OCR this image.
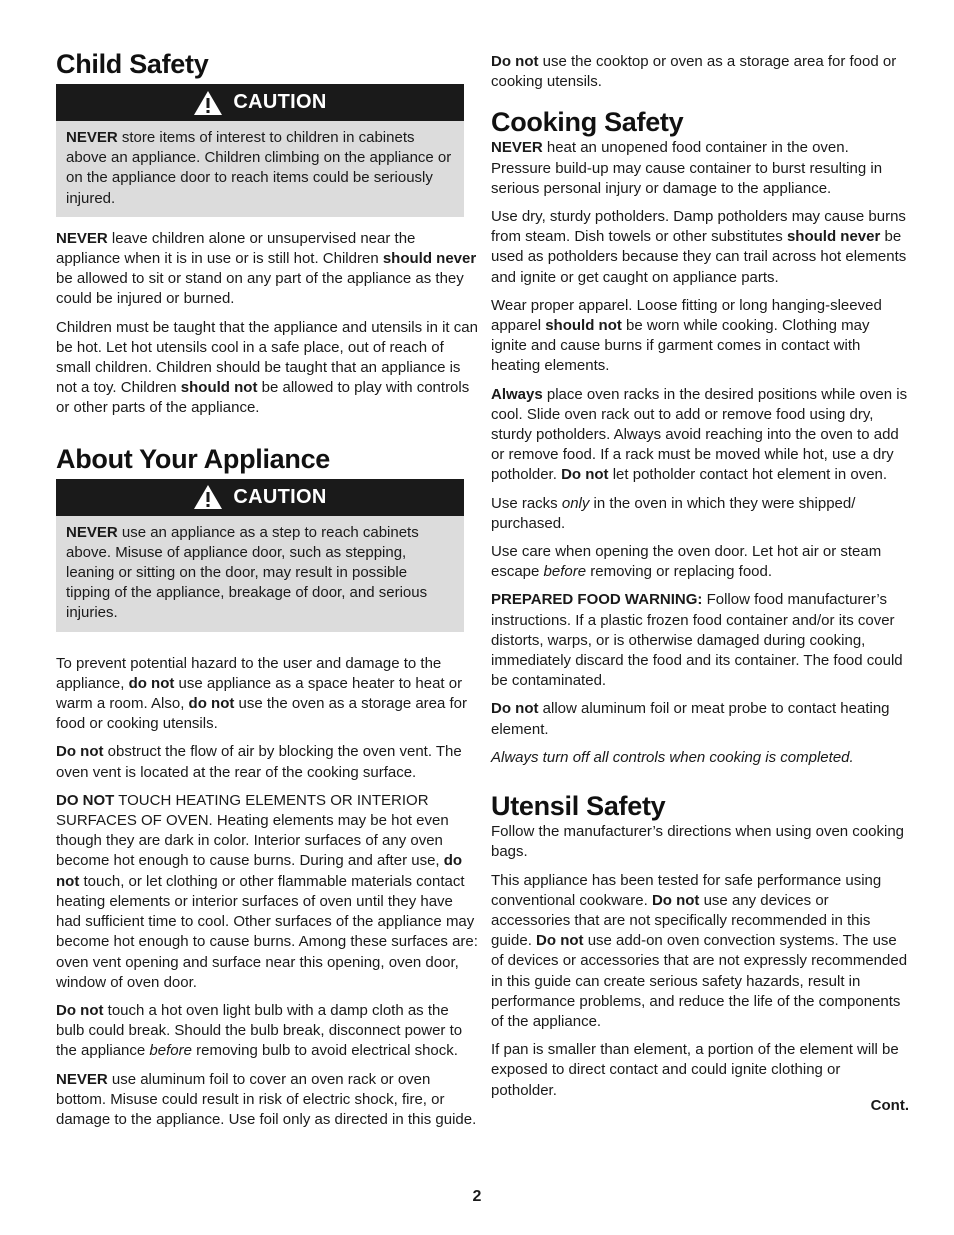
Child Safety
CAUTION

NEVER store items of interest to children in cabinets above an appliance. Children climbing on the appliance or on the appliance door to reach items could be seriously injured.

NEVER leave children alone or unsupervised near the appliance when it is in use or is still hot. Children should never be allowed to sit or stand on any part of the appliance as they could be injured or burned.

Children must be taught that the appliance and utensils in it can be hot. Let hot utensils cool in a safe place, out of reach of small children. Children should be taught that an appliance is not a toy. Children should not be allowed to play with controls or other parts of the appliance.

About Your Appliance
CAUTION

NEVER use an appliance as a step to reach cabinets above. Misuse of appliance door, such as stepping, leaning or sitting on the door, may result in possible tipping of the appliance, breakage of door, and serious injuries.

To prevent potential hazard to the user and damage to the appliance, do not use appliance as a space heater to heat or warm a room. Also, do not use the oven as a storage area for food or cooking utensils.

Do not obstruct the flow of air by blocking the oven vent. The oven vent is located at the rear of the cooking surface.

DO NOT TOUCH HEATING ELEMENTS OR INTERIOR SURFACES OF OVEN. Heating elements may be hot even though they are dark in color. Interior surfaces of any oven become hot enough to cause burns. During and after use, do not touch, or let clothing or other flammable materials contact heating elements or interior surfaces of oven until they have had sufficient time to cool. Other surfaces of the appliance may become hot enough to cause burns. Among these surfaces are: oven vent opening and surface near this opening, oven door, window of oven door.

Do not touch a hot oven light bulb with a damp cloth as the bulb could break. Should the bulb break, disconnect power to the appliance before removing bulb to avoid electrical shock.

NEVER use aluminum foil to cover an oven rack or oven bottom. Misuse could result in risk of electric shock, fire, or damage to the appliance. Use foil only as directed in this guide.

Do not use the cooktop or oven as a storage area for food or cooking utensils.

Cooking Safety

NEVER heat an unopened food container in the oven. Pressure build-up may cause container to burst resulting in serious personal injury or damage to the appliance.

Use dry, sturdy potholders. Damp potholders may cause burns from steam. Dish towels or other substitutes should never be used as potholders because they can trail across hot elements and ignite or get caught on appliance parts.

Wear proper apparel. Loose fitting or long hanging-sleeved apparel should not be worn while cooking. Clothing may ignite and cause burns if garment comes in contact with heating elements.

Always place oven racks in the desired positions while oven is cool. Slide oven rack out to add or remove food using dry, sturdy potholders. Always avoid reaching into the oven to add or remove food. If a rack must be moved while hot, use a dry potholder. Do not let potholder contact hot element in oven.

Use racks only in the oven in which they were shipped/ purchased.

Use care when opening the oven door. Let hot air or steam escape before removing or replacing food.

PREPARED FOOD WARNING: Follow food manufacturer’s instructions. If a plastic frozen food container and/or its cover distorts, warps, or is otherwise damaged during cooking, immediately discard the food and its container. The food could be contaminated.

Do not allow aluminum foil or meat probe to contact heating element.

Always turn off all controls when cooking is completed.

Utensil Safety

Follow the manufacturer’s directions when using oven cooking bags.

This appliance has been tested for safe performance using conventional cookware. Do not use any devices or accessories that are not specifically recommended in this guide. Do not use add-on oven convection systems. The use of devices or accessories that are not expressly recommended in this guide can create serious safety hazards, result in performance problems, and reduce the life of the components of the appliance.

If pan is smaller than element, a portion of the element will be exposed to direct contact and could ignite clothing or potholder.

Cont.
2
